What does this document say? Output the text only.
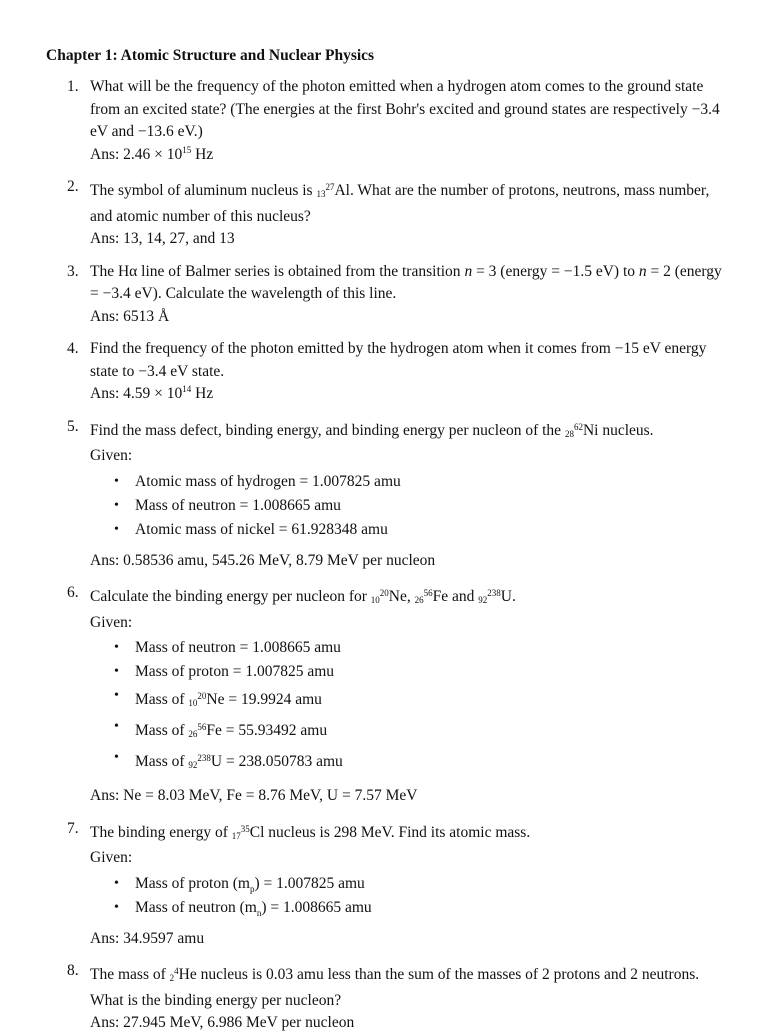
Chapter 1: Atomic Structure and Nuclear Physics
1. What will be the frequency of the photon emitted when a hydrogen atom comes to the ground state from an excited state? (The energies at the first Bohr's excited and ground states are respectively −3.4 eV and −13.6 eV.)
Ans: $2.46 \times 10^{15}$ Hz
2. The symbol of aluminum nucleus is $13^{27}Al$. What are the number of protons, neutrons, mass number, and atomic number of this nucleus?
Ans: 13, 14, 27, and 13
3. The Hα line of Balmer series is obtained from the transition n = 3 (energy = −1.5 eV) to n = 2 (energy = −3.4 eV). Calculate the wavelength of this line.
Ans: 6513 Å
4. Find the frequency of the photon emitted by the hydrogen atom when it comes from −15 eV energy state to −3.4 eV state.
Ans: $4.59 \times 10^{14}$ Hz
5. Find the mass defect, binding energy, and binding energy per nucleon of the $28^{62}Ni$ nucleus.
Given:
• Atomic mass of hydrogen = 1.007825 amu
• Mass of neutron = 1.008665 amu
• Atomic mass of nickel = 61.928348 amu
Ans: 0.58536 amu, 545.26 MeV, 8.79 MeV per nucleon
6. Calculate the binding energy per nucleon for $10^{20}Ne$, $26^{56}Fe$ and $92^{238}U$.
Given:
• Mass of neutron = 1.008665 amu
• Mass of proton = 1.007825 amu
• Mass of $10^{20}Ne = 19.9924$ amu
• Mass of $26^{56}Fe = 55.93492$ amu
• Mass of $92^{238}U = 238.050783$ amu
Ans: Ne = 8.03 MeV, Fe = 8.76 MeV, U = 7.57 MeV
7. The binding energy of $17^{35}Cl$ nucleus is 298 MeV. Find its atomic mass.
Given:
• Mass of proton $(m_p) = 1.007825$ amu
• Mass of neutron $(m_n) = 1.008665$ amu
Ans: 34.9597 amu
8. The mass of $2^4He$ nucleus is 0.03 amu less than the sum of the masses of 2 protons and 2 neutrons. What is the binding energy per nucleon?
Ans: 27.945 MeV, 6.986 MeV per nucleon
